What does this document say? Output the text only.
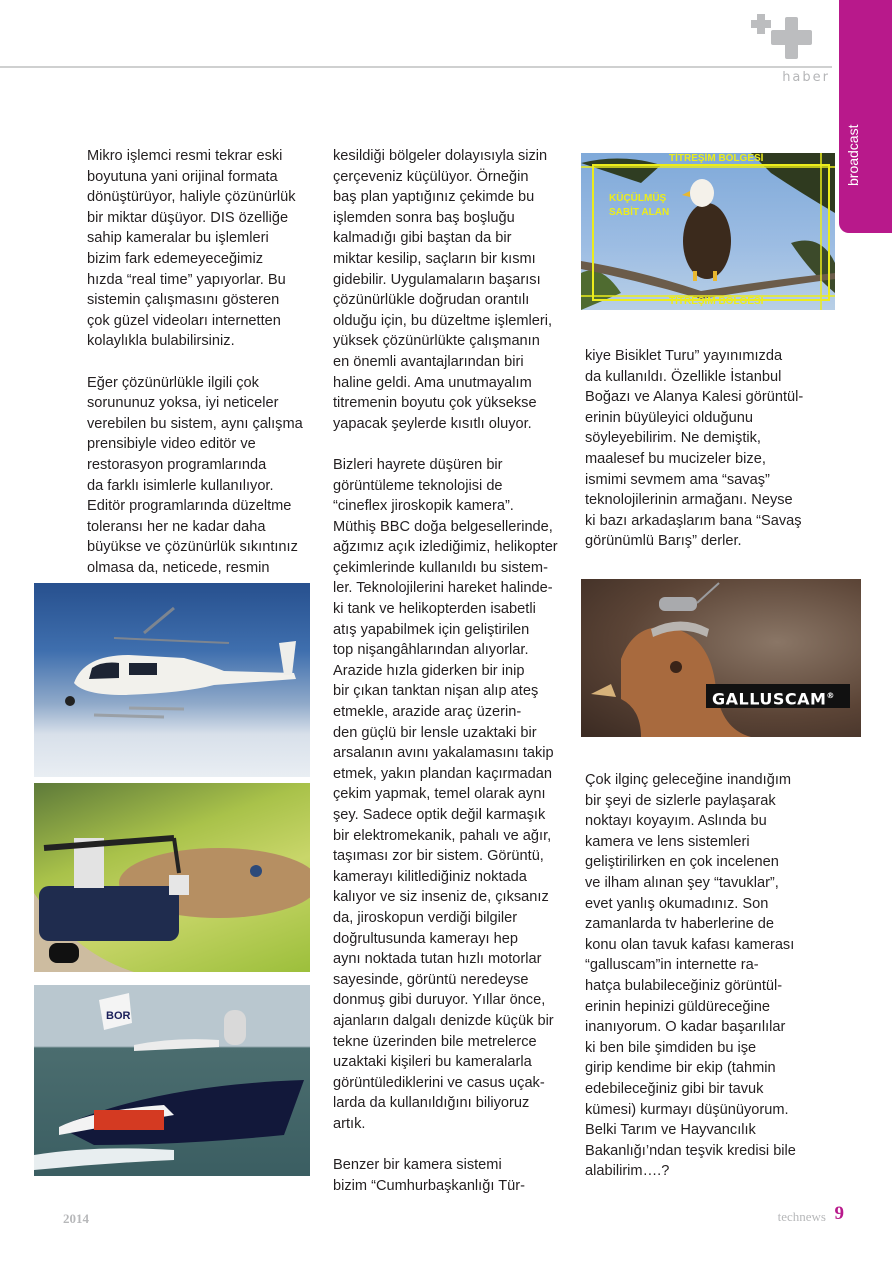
haber
broadcast
Mikro işlemci resmi tekrar eski
boyutuna yani orijinal formata
dönüştürüyor, haliyle çözünürlük
bir miktar düşüyor. DIS özelliğe
sahip kameralar bu işlemleri
bizim fark edemeyeceğimiz
hızda “real time” yapıyorlar. Bu
sistemin çalışmasını gösteren
çok güzel videoları internetten
kolaylıkla bulabilirsiniz.

Eğer çözünürlükle ilgili çok
sorununuz yoksa, iyi neticeler
verebilen bu sistem, aynı çalışma
prensibiyle video editör ve
restorasyon programlarında
da farklı isimlerle kullanılıyor.
Editör programlarında düzeltme
toleransı her ne kadar daha
büyükse ve çözünürlük sıkıntınız
olmasa da, neticede, resmin
kesildiği bölgeler dolayısıyla sizin
çerçeveniz küçülüyor. Örneğin
baş plan yaptığınız çekimde bu
işlemden sonra baş boşluğu
kalmadığı gibi baştan da bir
miktar kesilip, saçların bir kısmı
gidebilir. Uygulamaların başarısı
çözünürlükle doğrudan orantılı
olduğu için, bu düzeltme işlemleri,
yüksek çözünürlükte çalışmanın
en önemli avantajlarından biri
haline geldi. Ama unutmayalım
titremenin boyutu çok yüksekse
yapacak şeylerde kısıtlı oluyor.

Bizleri hayrete düşüren bir
görüntüleme teknolojisi de
“cineflex jiroskopik kamera”.
Müthiş BBC doğa belgesellerinde,
ağzımız açık izlediğimiz, helikopter
çekimlerinde kullanıldı bu sistem-
ler. Teknolojilerini hareket halinde-
ki tank ve helikopterden isabetli
atış yapabilmek için geliştirilen
top nişangâhlarından alıyorlar.
Arazide hızla giderken bir inip
bir çıkan tanktan nişan alıp ateş
etmekle, arazide araç üzerin-
den güçlü bir lensle uzaktaki bir
arsalanın avını yakalamasını takip
etmek, yakın plandan kaçırmadan
çekim yapmak, temel olarak aynı
şey. Sadece optik değil karmaşık
bir elektromekanik, pahalı ve ağır,
taşıması zor bir sistem. Görüntü,
kamerayı kilitlediğiniz noktada
kalıyor ve siz inseniz de, çıksanız
da, jiroskopun verdiği bilgiler
doğrultusunda kamerayı hep
aynı noktada tutan hızlı motorlar
sayesinde, görüntü neredeyse
donmuş gibi duruyor. Yıllar önce,
ajanların dalgalı denizde küçük bir
tekne üzerinden bile metrelerce
uzaktaki kişileri bu kameralarla
görüntülediklerini ve casus uçak-
larda da kullanıldığını biliyoruz
artık.

Benzer bir kamera sistemi
bizim “Cumhurbaşkanlığı Tür-
kiye Bisiklet Turu” yayınımızda
da kullanıldı. Özellikle İstanbul
Boğazı ve Alanya Kalesi görüntül-
erinin büyüleyici olduğunu
söyleyebilirim. Ne demiştik,
maalesef bu mucizeler bize,
ismimi sevmem ama “savaş”
teknolojilerinin armağanı. Neyse
ki bazı arkadaşlarım bana “Savaş
görünümlü Barış” derler.
Çok ilginç geleceğine inandığım
bir şeyi de sizlerle paylaşarak
noktayı koyayım. Aslında bu
kamera ve lens sistemleri
geliştirilirken en çok incelenen
ve ilham alınan şey “tavuklar”,
evet yanlış okumadınız. Son
zamanlarda tv haberlerine de
konu olan tavuk kafası kamerası
“galluscam”in internette ra-
hatça bulabileceğiniz görüntül-
erinin hepinizi güldüreceğine
inanıyorum. O kadar başarılılar
ki ben bile şimdiden bu işe
girip kendime bir ekip (tahmin
edebileceğiniz gibi bir tavuk
kümesi) kurmayı düşünüyorum.
Belki Tarım ve Hayvancılık
Bakanlığı’ndan teşvik kredisi bile
alabilirim….?
TİTREŞİM BÖLGESİ
TİTREŞİM BÖLGESİ
KÜÇÜLMÜŞ
SABİT ALAN
GALLUSCAM®
BOR
2014	technews 9
